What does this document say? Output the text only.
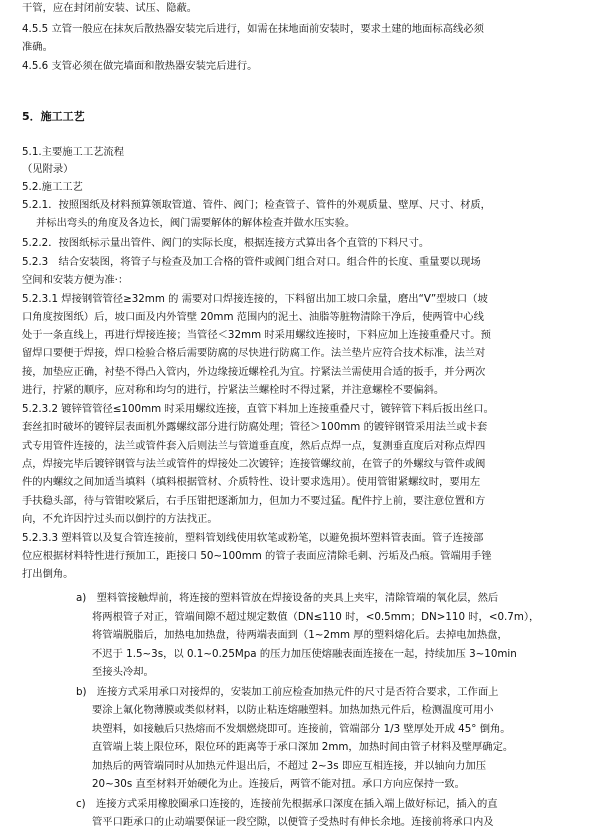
干管，应在封闭前安装、试压、隐蔽。
4.5.5 立管一般应在抹灰后散热器安装完后进行，如需在抹地面前安装时，要求土建的地面标高线必须
准确。
4.5.6 支管必须在做完墙面和散热器安装完后进行。
5．施工工艺
5.1.主要施工工艺流程
（见附录）
5.2.施工工艺
5.2.1．按照图纸及材料预算领取管道、管件、阀门；检查管子、管件的外观质量、壁厚、尺寸、材质，
并标出弯头的角度及各边长，阀门需要解体的解体检查并做水压实验。
5.2.2．按图纸标示量出管件、阀门的实际长度，根据连接方式算出各个直管的下料尺寸。
5.2.3　结合安装图，将管子与检查及加工合格的管件或阀门组合对口。组合件的长度、重量要以现场
空间和安装方便为准·：
5.2.3.1 焊接钢管管径≥32mm 的 需要对口焊接连接的，下料留出加工坡口余量，磨出“V”型坡口（坡
口角度按图纸）后，坡口面及内外管壁 20mm 范围内的泥土、油脂等脏物清除干净后，使两管中心线
处于一条直线上，再进行焊接连接；当管径＜32mm 时采用螺纹连接时，下料应加上连接重叠尺寸。预
留焊口要便于焊接，焊口检验合格后需要防腐的尽快进行防腐工作。法兰垫片应符合技术标准，法兰对
接，加垫应正确，衬垫不得凸入管内，外边缘接近螺栓孔为宜。拧紧法兰需使用合适的扳手，并分两次
进行，拧紧的顺序，应对称和均匀的进行，拧紧法兰螺栓时不得过紧，并注意螺栓不要偏斜。
5.2.3.2 镀锌管管径≤100mm 时采用螺纹连接，直管下料加上连接重叠尺寸，镀锌管下料后扳出丝口。
套丝扣时破坏的镀锌层表面机外露螺纹部分进行防腐处理；管径＞100mm 的镀锌钢管采用法兰或卡套
式专用管件连接的，法兰或管件套入后则法兰与管道垂直度，然后点焊一点，复测垂直度后对称点焊四
点，焊接完毕后镀锌钢管与法兰或管件的焊接处二次镀锌；连接管螺纹前，在管子的外螺纹与管件或阀
件的内螺纹之间加适当填料（填料根据管材、介质特性、设计要求选用）。使用管钳紧螺纹时，要用左
手扶稳头部，待与管钳咬紧后，右手压钳把逐渐加力，但加力不要过猛。配件拧上前，要注意位置和方
向，不允许因拧过头而以倒拧的方法找正。
5.2.3.3 塑料管以及复合管连接前，塑料管划线使用软笔或粉笔，以避免损坏塑料管表面。管子连接部
位应根据材料特性进行预加工，距接口 50~100mm 的管子表面应清除毛刺、污垢及凸痕。管端用手锉
打出倒角。
a)　塑料管接触焊前，将连接的塑料管放在焊接设备的夹具上夹牢，清除管端的氧化层，然后
将两根管子对正，管端间隙不超过规定数值（DN≤110 时，<0.5mm；DN>110 时，<0.7m），
将管端脱脂后，加热电加热盘，待两端表面到（1~2mm 厚的塑料熔化后。去掉电加热盘，
不迟于 1.5~3s，以 0.1~0.25Mpa 的压力加压使熔融表面连接在一起，持续加压 3~10min
至接头冷却。
b)　连接方式采用承口对接焊的，安装加工前应检查加热元件的尺寸是否符合要求，工作面上
要涂上氟化物薄膜或类似材料，以防止粘连熔融塑料。加热加热元件后，检测温度可用小
块塑料，如接触后只热熔而不发烟燃烧即可。连接前，管端部分 1/3 壁厚处开成 45° 倒角。
直管端上装上限位环，限位环的距离等于承口深加 2mm，加热时间由管子材料及壁厚确定。
加热后的两管端同时从加热元件退出后，不超过 2~3s 即应互相连接，并以轴向力加压
20~30s 直至材料开始硬化为止。连接后，两管不能对扭。承口方向应保持一致。
c)　连接方式采用橡胶圈承口连接的，连接前先根据承口深度在插入端上做好标记，插入的直
管平口距承口的止动端要保证一段空隙，以便管子受热时有伸长余地。连接前将承口内及
